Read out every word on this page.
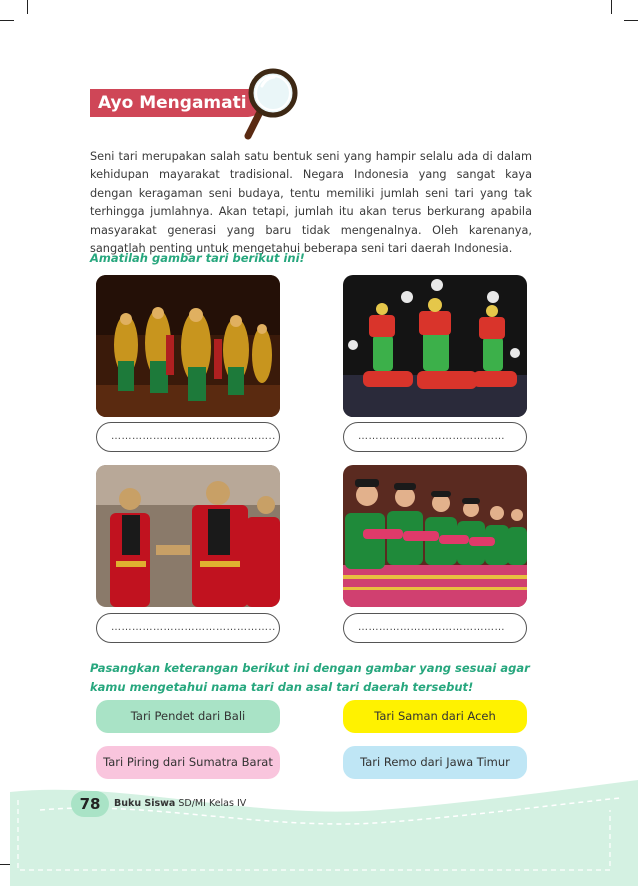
Ayo Mengamati
Seni tari merupakan salah satu bentuk seni yang hampir selalu ada di dalam kehidupan mayarakat tradisional. Negara Indonesia yang sangat kaya dengan keragaman seni budaya, tentu memiliki jumlah seni tari yang tak terhingga jumlahnya. Akan tetapi, jumlah itu akan terus berkurang apabila masyarakat generasi yang baru tidak mengenalnya. Oleh karenanya, sangatlah penting untuk mengetahui beberapa seni tari daerah Indonesia.
Amatilah gambar tari berikut ini!
………………………………………..	……………………………………
………………………………………..	……………………………………
Pasangkan keterangan berikut ini dengan gambar yang sesuai agar kamu mengetahui nama tari dan asal tari daerah tersebut!
Tari Pendet dari Bali	Tari Saman dari Aceh
Tari Piring dari Sumatra Barat	Tari Remo dari Jawa Timur
78	Buku Siswa SD/MI Kelas IV
